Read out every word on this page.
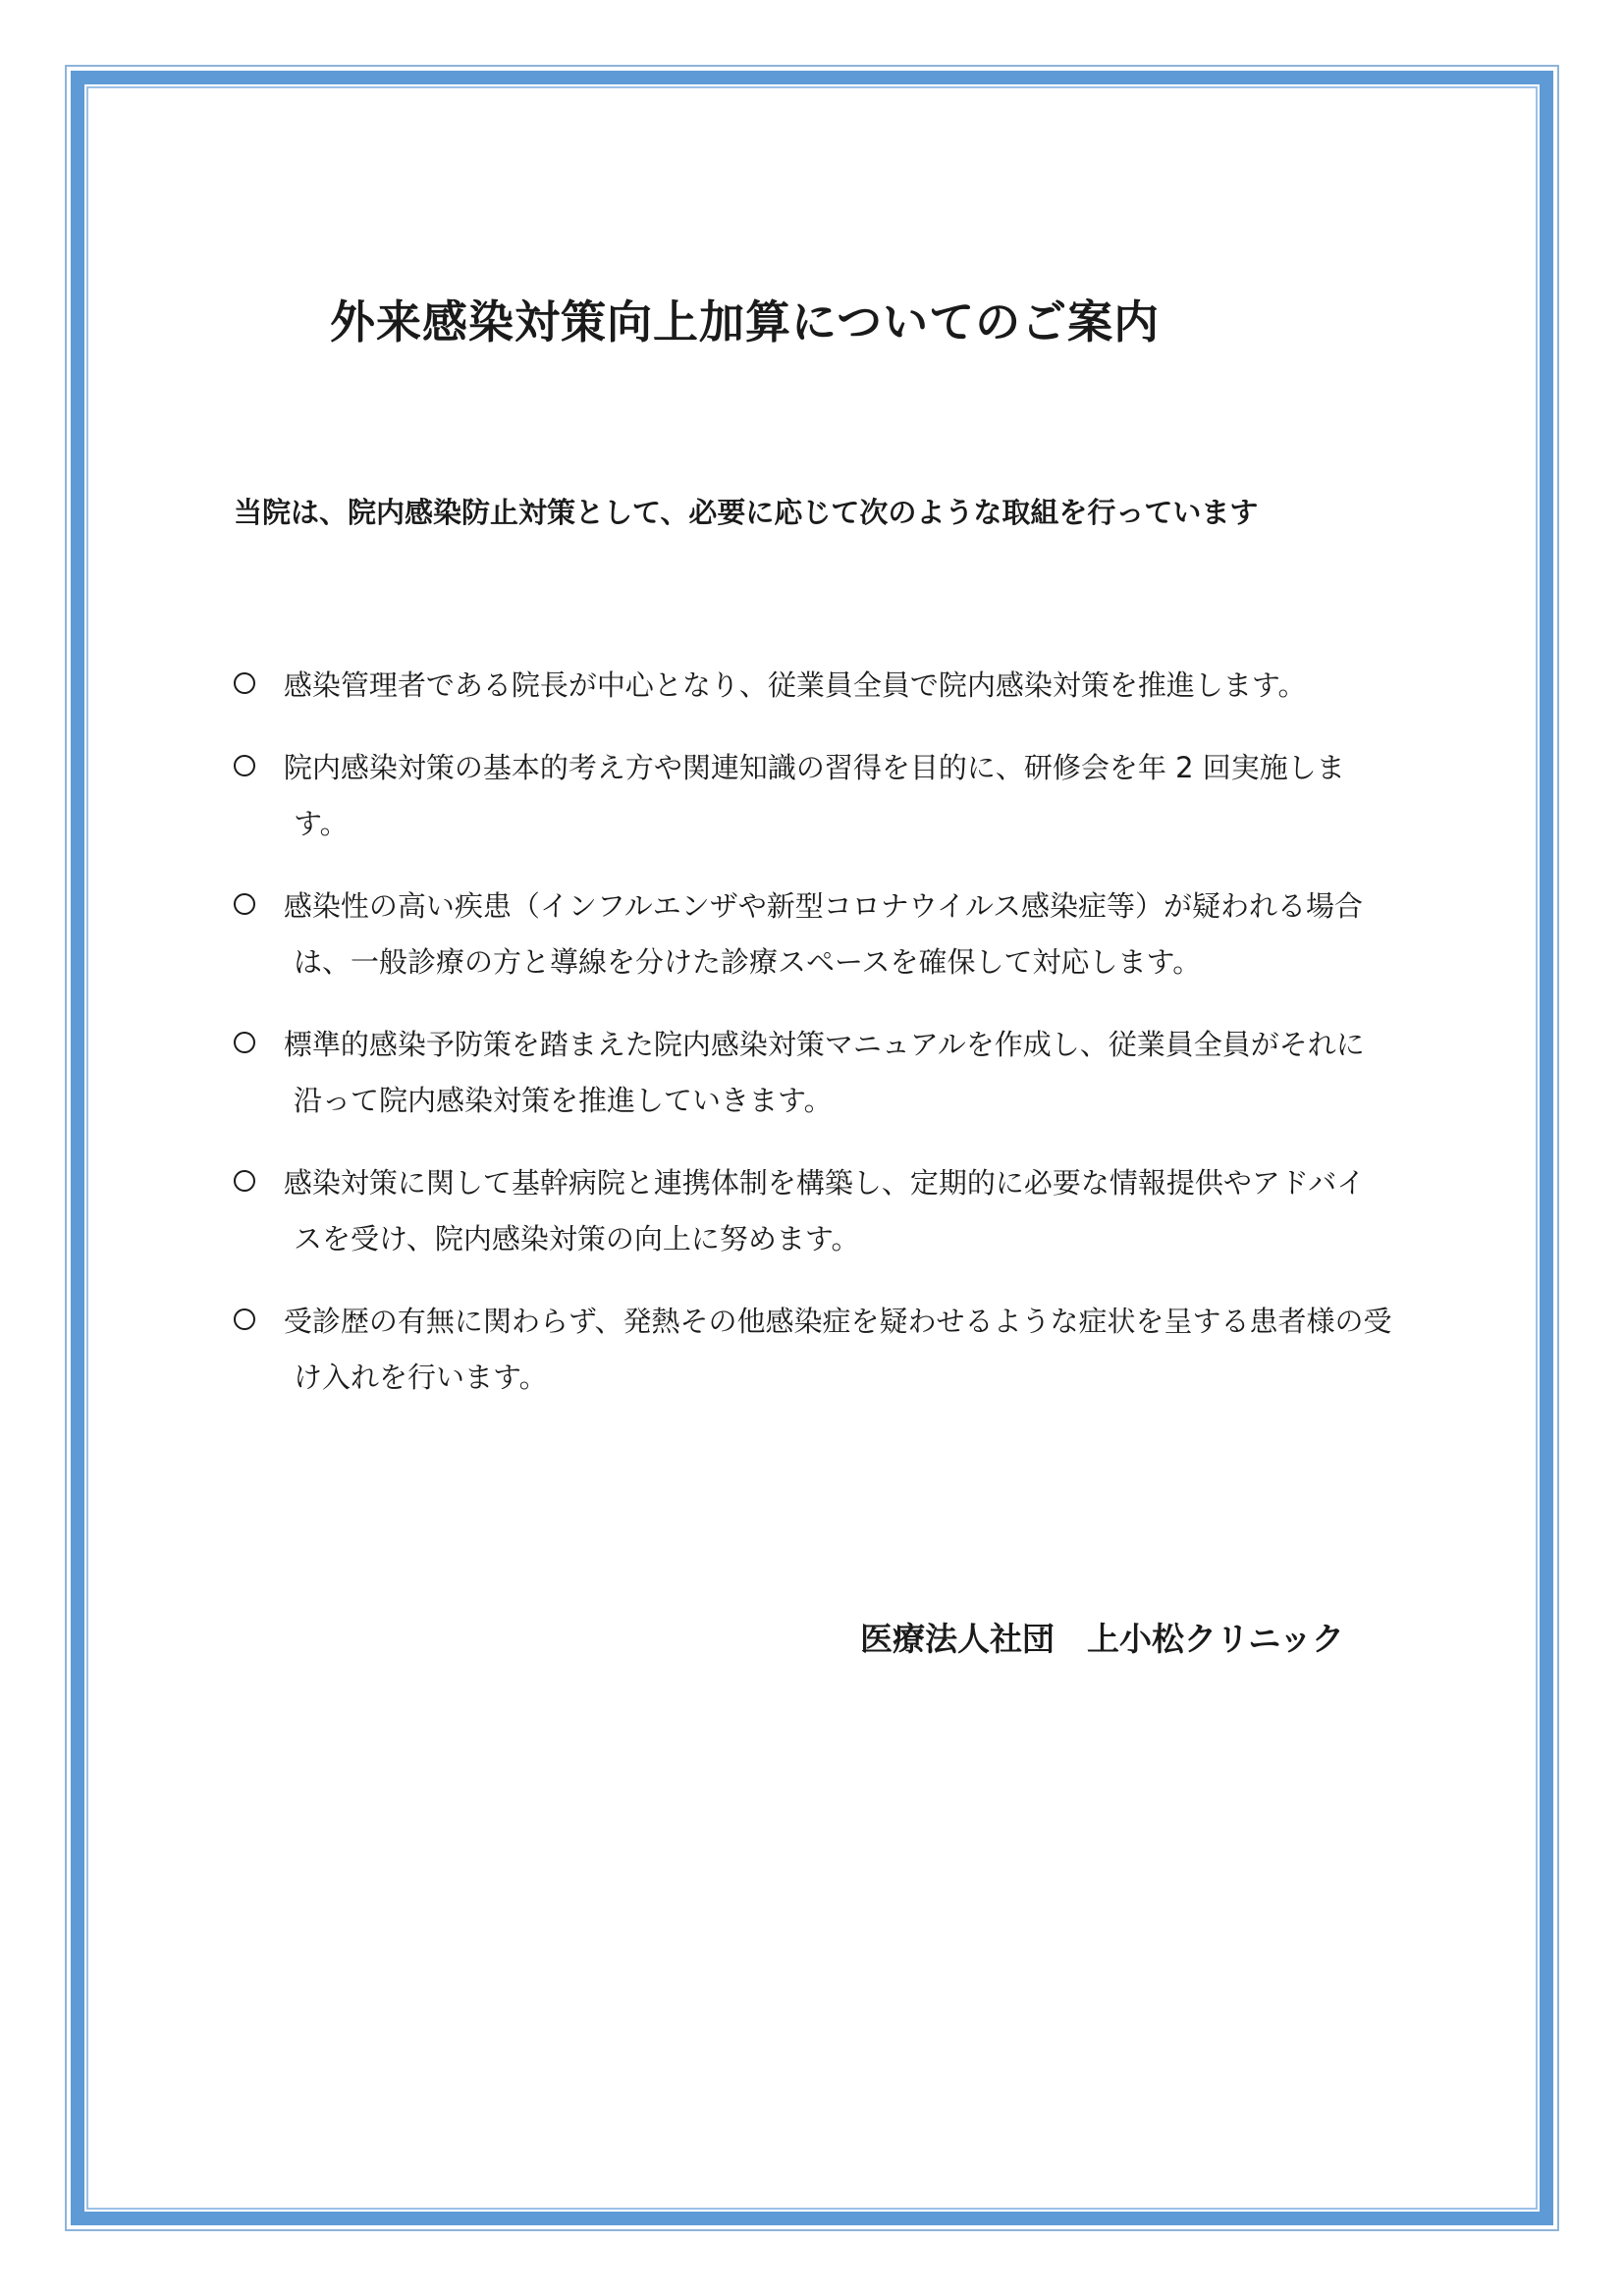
外来感染対策向上加算についてのご案内

当院は、院内感染防止対策として、必要に応じて次のような取組を行っています

感染管理者である院長が中心となり、従業員全員で院内感染対策を推進します。
院内感染対策の基本的考え方や関連知識の習得を目的に、研修会を年 2 回実施します。
感染性の高い疾患（インフルエンザや新型コロナウイルス感染症等）が疑われる場合は、一般診療の方と導線を分けた診療スペースを確保して対応します。
標準的感染予防策を踏まえた院内感染対策マニュアルを作成し、従業員全員がそれに沿って院内感染対策を推進していきます。
感染対策に関して基幹病院と連携体制を構築し、定期的に必要な情報提供やアドバイスを受け、院内感染対策の向上に努めます。
受診歴の有無に関わらず、発熱その他感染症を疑わせるような症状を呈する患者様の受け入れを行います。

医療法人社団　上小松クリニック
